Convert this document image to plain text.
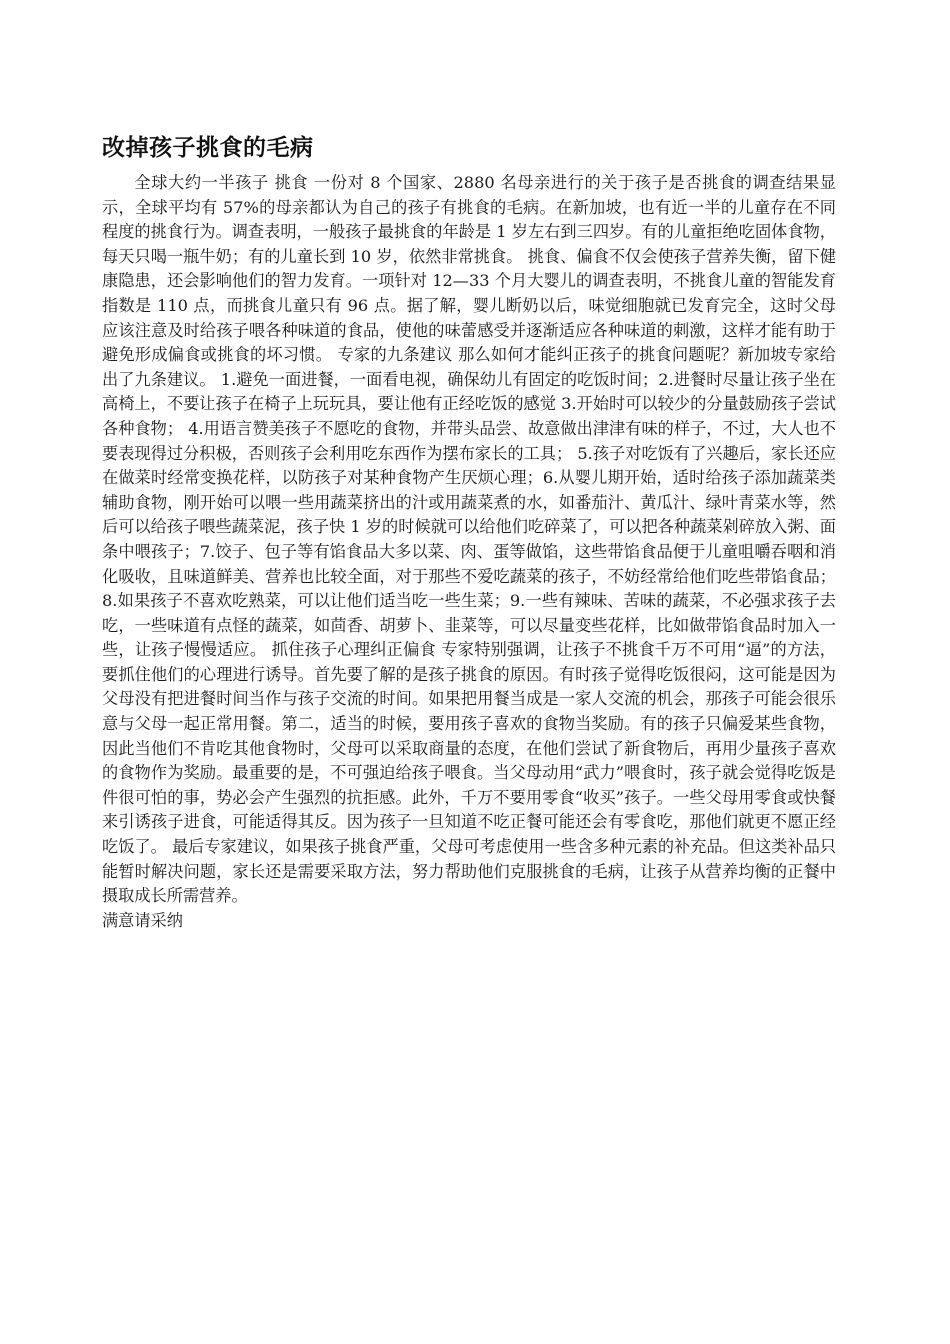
改掉孩子挑食的毛病

全球大约一半孩子 挑食 一份对 8 个国家、2880 名母亲进行的关于孩子是否挑食的调查结果显示，全球平均有 57%的母亲都认为自己的孩子有挑食的毛病。在新加坡，也有近一半的儿童存在不同程度的挑食行为。调查表明，一般孩子最挑食的年龄是 1 岁左右到三四岁。有的儿童拒绝吃固体食物，每天只喝一瓶牛奶；有的儿童长到 10 岁，依然非常挑食。 挑食、偏食不仅会使孩子营养失衡，留下健康隐患，还会影响他们的智力发育。一项针对 12—33 个月大婴儿的调查表明，不挑食儿童的智能发育指数是 110 点，而挑食儿童只有 96 点。据了解，婴儿断奶以后，味觉细胞就已发育完全，这时父母应该注意及时给孩子喂各种味道的食品，使他的味蕾感受并逐渐适应各种味道的刺激，这样才能有助于避免形成偏食或挑食的坏习惯。 专家的九条建议 那么如何才能纠正孩子的挑食问题呢？新加坡专家给出了九条建议。 1.避免一面进餐，一面看电视，确保幼儿有固定的吃饭时间；2.进餐时尽量让孩子坐在高椅上，不要让孩子在椅子上玩玩具，要让他有正经吃饭的感觉 3.开始时可以较少的分量鼓励孩子尝试各种食物； 4.用语言赞美孩子不愿吃的食物，并带头品尝、故意做出津津有味的样子，不过，大人也不要表现得过分积极，否则孩子会利用吃东西作为摆布家长的工具； 5.孩子对吃饭有了兴趣后，家长还应在做菜时经常变换花样，以防孩子对某种食物产生厌烦心理；6.从婴儿期开始，适时给孩子添加蔬菜类辅助食物，刚开始可以喂一些用蔬菜挤出的汁或用蔬菜煮的水，如番茄汁、黄瓜汁、绿叶青菜水等，然后可以给孩子喂些蔬菜泥，孩子快 1 岁的时候就可以给他们吃碎菜了，可以把各种蔬菜剁碎放入粥、面条中喂孩子；7.饺子、包子等有馅食品大多以菜、肉、蛋等做馅，这些带馅食品便于儿童咀嚼吞咽和消化吸收，且味道鲜美、营养也比较全面，对于那些不爱吃蔬菜的孩子，不妨经常给他们吃些带馅食品；8.如果孩子不喜欢吃熟菜，可以让他们适当吃一些生菜；9.一些有辣味、苦味的蔬菜，不必强求孩子去吃，一些味道有点怪的蔬菜，如茴香、胡萝卜、韭菜等，可以尽量变些花样，比如做带馅食品时加入一些，让孩子慢慢适应。 抓住孩子心理纠正偏食 专家特别强调，让孩子不挑食千万不可用“逼”的方法，要抓住他们的心理进行诱导。首先要了解的是孩子挑食的原因。有时孩子觉得吃饭很闷，这可能是因为父母没有把进餐时间当作与孩子交流的时间。如果把用餐当成是一家人交流的机会，那孩子可能会很乐意与父母一起正常用餐。第二，适当的时候，要用孩子喜欢的食物当奖励。有的孩子只偏爱某些食物，因此当他们不肯吃其他食物时，父母可以采取商量的态度，在他们尝试了新食物后，再用少量孩子喜欢的食物作为奖励。最重要的是，不可强迫给孩子喂食。当父母动用“武力”喂食时，孩子就会觉得吃饭是件很可怕的事，势必会产生强烈的抗拒感。此外，千万不要用零食“收买”孩子。一些父母用零食或快餐来引诱孩子进食，可能适得其反。因为孩子一旦知道不吃正餐可能还会有零食吃，那他们就更不愿正经吃饭了。 最后专家建议，如果孩子挑食严重，父母可考虑使用一些含多种元素的补充品。但这类补品只能暂时解决问题，家长还是需要采取方法，努力帮助他们克服挑食的毛病，让孩子从营养均衡的正餐中摄取成长所需营养。

满意请采纳
